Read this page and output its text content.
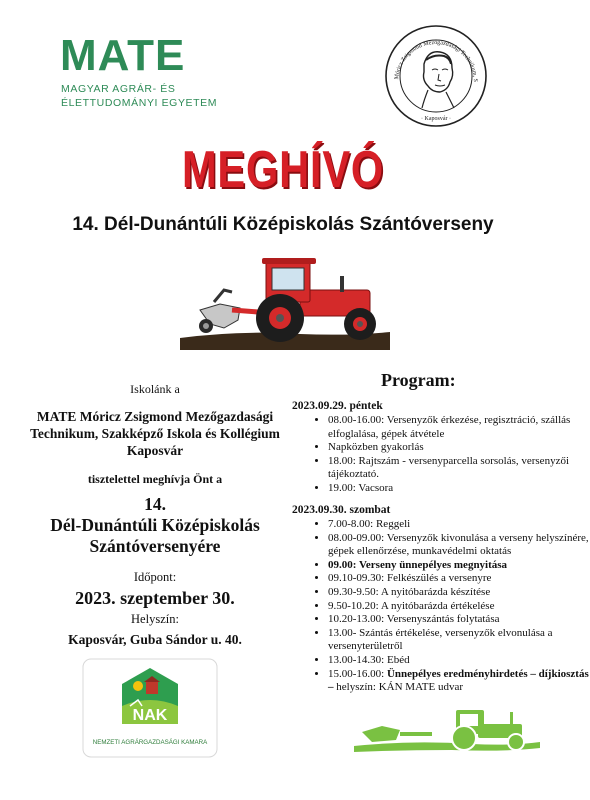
MATE
MAGYAR AGRÁR- ÉS
ÉLETTUDOMÁNYI EGYETEM
Móricz Zsigmond Mezőgazdasági Technikum, S
· Kaposvár ·
MEGHÍVÓ
14. Dél-Dunántúli Középiskolás Szántóverseny
Iskolánk a
MATE Móricz Zsigmond Mezőgazdasági Technikum, Szakképző Iskola és Kollégium Kaposvár
tisztelettel meghívja Önt a
14.
Dél-Dunántúli Középiskolás
Szántóversenyére
Időpont:
2023. szeptember 30.
Helyszín:
Kaposvár, Guba Sándor u. 40.
NAK
NEMZETI AGRÁRGAZDASÁGI KAMARA
Program:
2023.09.29. péntek
• 08.00-16.00: Versenyzők érkezése, regisztráció, szállás elfoglalása, gépek átvétele
• Napközben gyakorlás
• 18.00: Rajtszám - versenyparcella sorsolás, versenyzői tájékoztató.
• 19.00: Vacsora
2023.09.30. szombat
• 7.00-8.00: Reggeli
• 08.00-09.00: Versenyzők kivonulása a verseny helyszínére, gépek ellenőrzése, munkavédelmi oktatás
• 09.00: Verseny ünnepélyes megnyitása
• 09.10-09.30: Felkészülés a versenyre
• 09.30-9.50: A nyitóbarázda készítése
• 9.50-10.20: A nyitóbarázda értékelése
• 10.20-13.00: Versenyszántás folytatása
• 13.00- Szántás értékelése, versenyzők elvonulása a versenyterületről
• 13.00-14.30: Ebéd
• 15.00-16.00: Ünnepélyes eredményhirdetés – díjkiosztás – helyszín: KÁN MATE udvar
